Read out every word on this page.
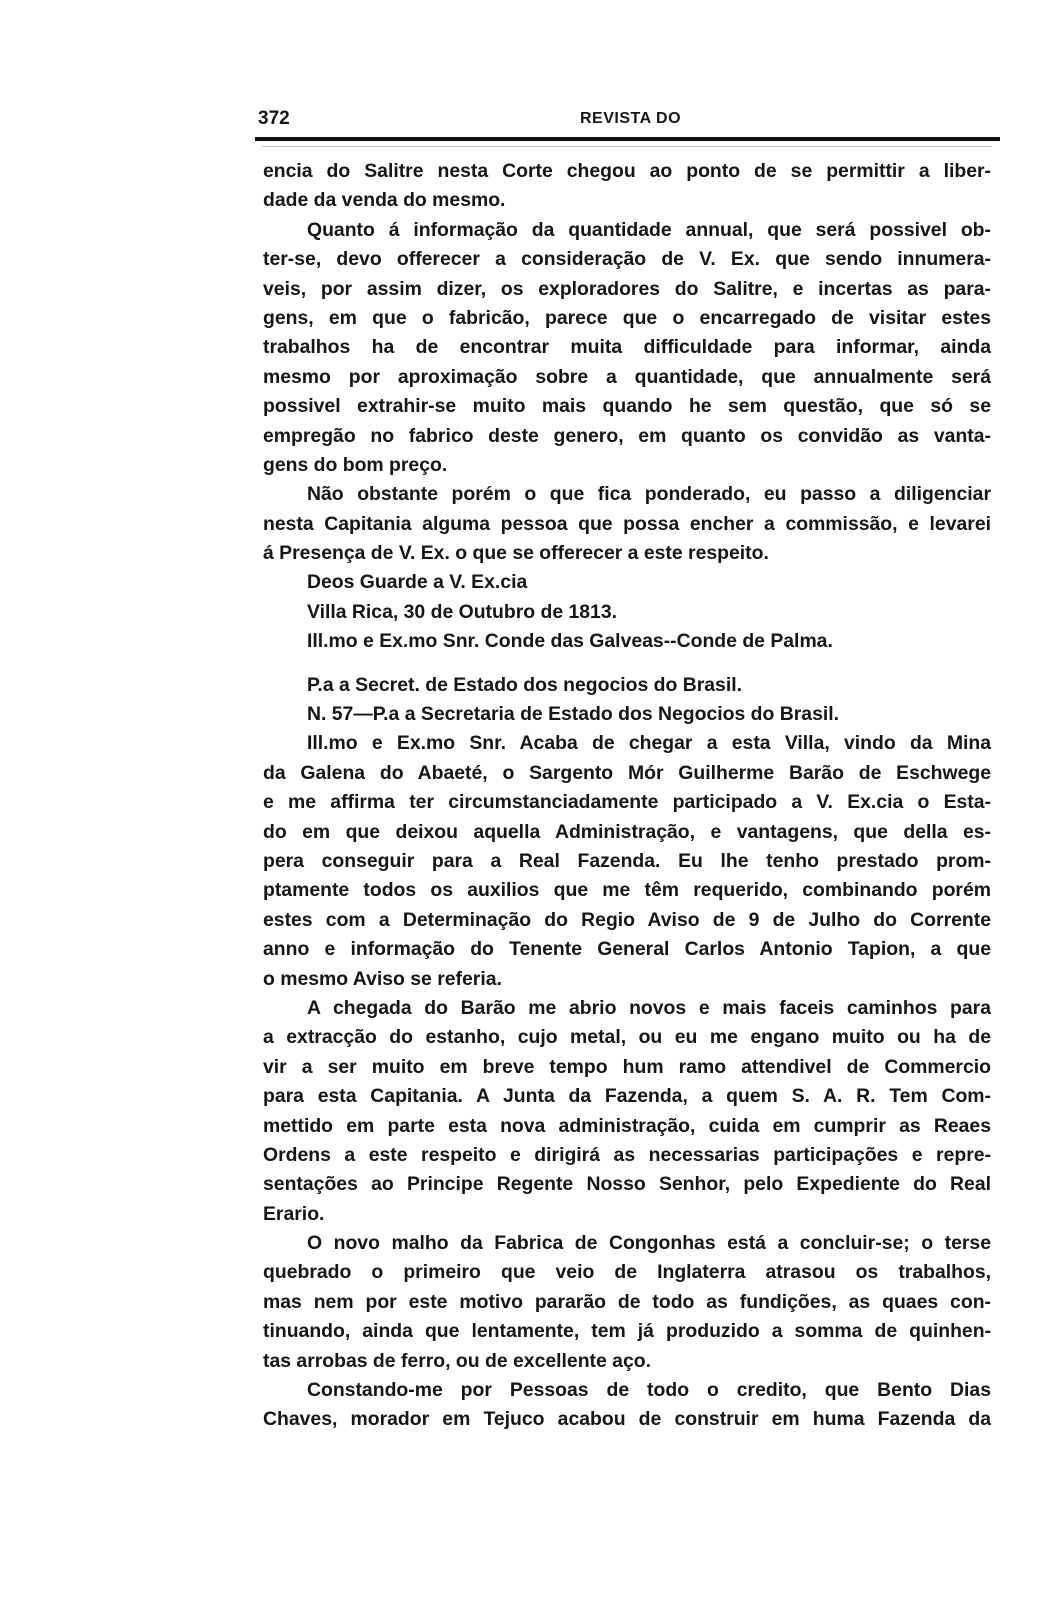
372	REVISTA DO
encia do Salitre nesta Corte chegou ao ponto de se permittir a liber-
dade da venda do mesmo.
Quanto á informação da quantidade annual, que será possivel ob-
ter-se, devo offerecer a consideração de V. Ex. que sendo innumera-
veis, por assim dizer, os exploradores do Salitre, e incertas as para-
gens, em que o fabricão, parece que o encarregado de visitar estes
trabalhos ha de encontrar muita difficuldade para informar, ainda
mesmo por aproximação sobre a quantidade, que annualmente será
possivel extrahir-se muito mais quando he sem questão, que só se
empregão no fabrico deste genero, em quanto os convidão as vanta-
gens do bom preço.
Não obstante porém o que fica ponderado, eu passo a diligenciar
nesta Capitania alguma pessoa que possa encher a commissão, e levarei
á Presença de V. Ex. o que se offerecer a este respeito.
Deos Guarde a V. Ex.cia
Villa Rica, 30 de Outubro de 1813.
Ill.mo e Ex.mo Snr. Conde das Galveas--Conde de Palma.
P.a a Secret. de Estado dos negocios do Brasil.
N. 57—P.a a Secretaria de Estado dos Negocios do Brasil.
Ill.mo e Ex.mo Snr. Acaba de chegar a esta Villa, vindo da Mina
da Galena do Abaeté, o Sargento Mór Guilherme Barão de Eschwege
e me affirma ter circumstanciadamente participado a V. Ex.cia o Esta-
do em que deixou aquella Administração, e vantagens, que della es-
pera conseguir para a Real Fazenda. Eu lhe tenho prestado prom-
ptamente todos os auxilios que me têm requerido, combinando porém
estes com a Determinação do Regio Aviso de 9 de Julho do Corrente
anno e informação do Tenente General Carlos Antonio Tapion, a que
o mesmo Aviso se referia.
A chegada do Barão me abrio novos e mais faceis caminhos para
a extracção do estanho, cujo metal, ou eu me engano muito ou ha de
vir a ser muito em breve tempo hum ramo attendivel de Commercio
para esta Capitania. A Junta da Fazenda, a quem S. A. R. Tem Com-
mettido em parte esta nova administração, cuida em cumprir as Reaes
Ordens a este respeito e dirigirá as necessarias participações e repre-
sentações ao Principe Regente Nosso Senhor, pelo Expediente do Real
Erario.
O novo malho da Fabrica de Congonhas está a concluir-se; o terse
quebrado o primeiro que veio de Inglaterra atrasou os trabalhos,
mas nem por este motivo pararão de todo as fundições, as quaes con-
tinuando, ainda que lentamente, tem já produzido a somma de quinhen-
tas arrobas de ferro, ou de excellente aço.
Constando-me por Pessoas de todo o credito, que Bento Dias
Chaves, morador em Tejuco acabou de construir em huma Fazenda da
